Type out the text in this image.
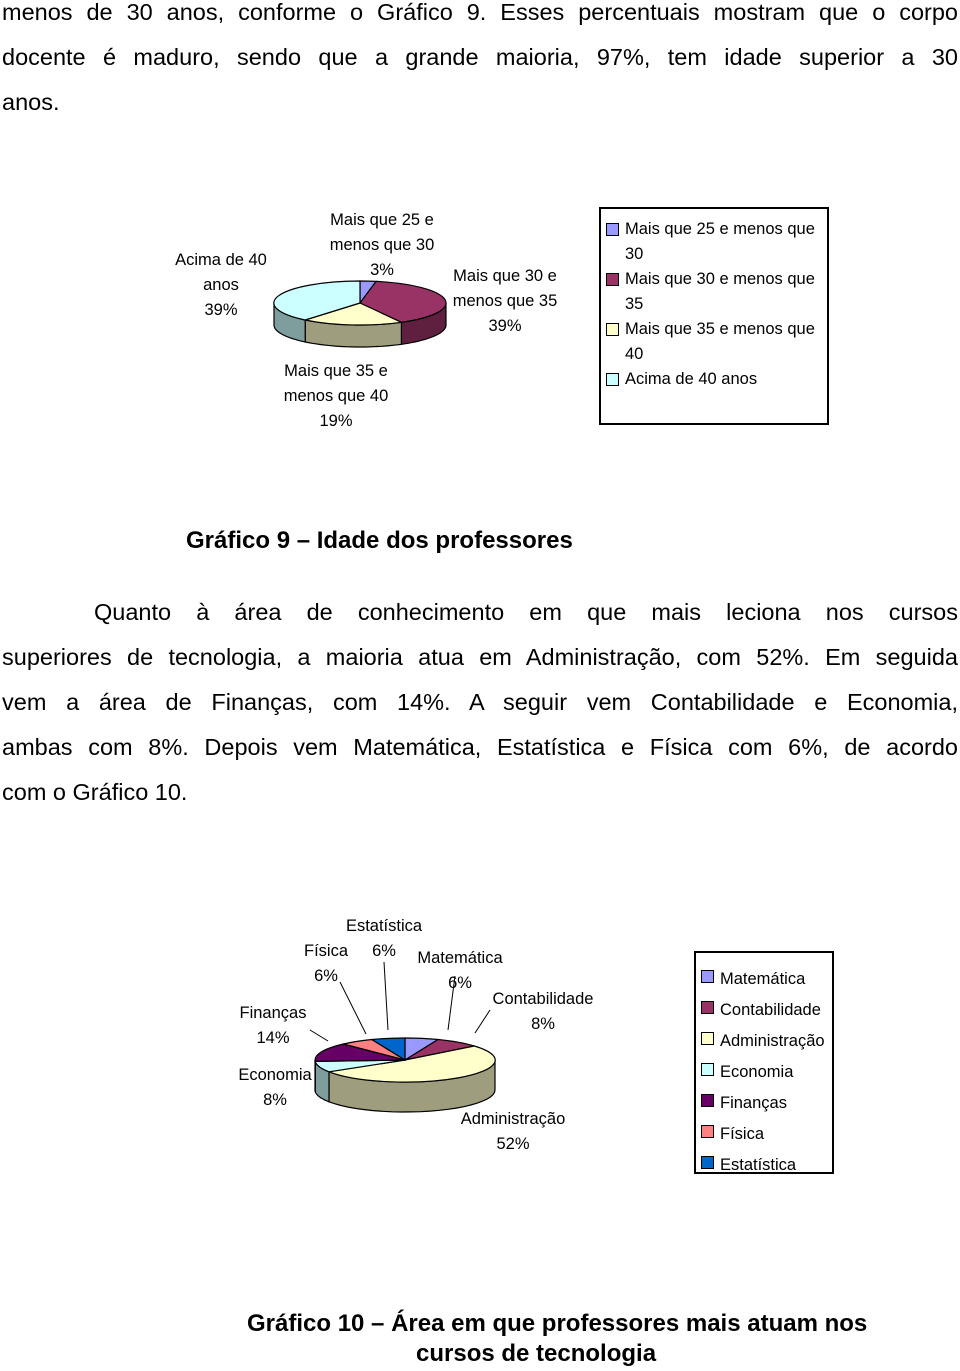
menos de 30 anos, conforme o Gráfico 9. Esses percentuais mostram que o corpo
docente é maduro, sendo que a grande maioria, 97%, tem idade superior a 30
anos.
Mais que 25 e
menos que 30
3%	Mais que 30 e
menos que 35
39%
Mais que 35 e
menos que 40
19%
Acima de 40
anos
39%
Mais que 25 e menos que
30
Mais que 30 e menos que
35
Mais que 35 e menos que
40
Acima de 40 anos
Gráfico 9 – Idade dos professores
Quanto à área de conhecimento em que mais leciona nos cursos
superiores de tecnologia, a maioria atua em Administração, com 52%. Em seguida
vem a área de Finanças, com 14%. A seguir vem Contabilidade e Economia,
ambas com 8%. Depois vem Matemática, Estatística e Física com 6%, de acordo
com o Gráfico 10.
Matemática
6%
Contabilidade
8%
Administração
52%
Economia
8%
Finanças
14%
Física
6%
Estatística
6%
Matemática
Contabilidade
Administração
Economia
Finanças
Física
Estatística
Gráfico 10 – Área em que professores mais atuam nos
cursos de tecnologia
